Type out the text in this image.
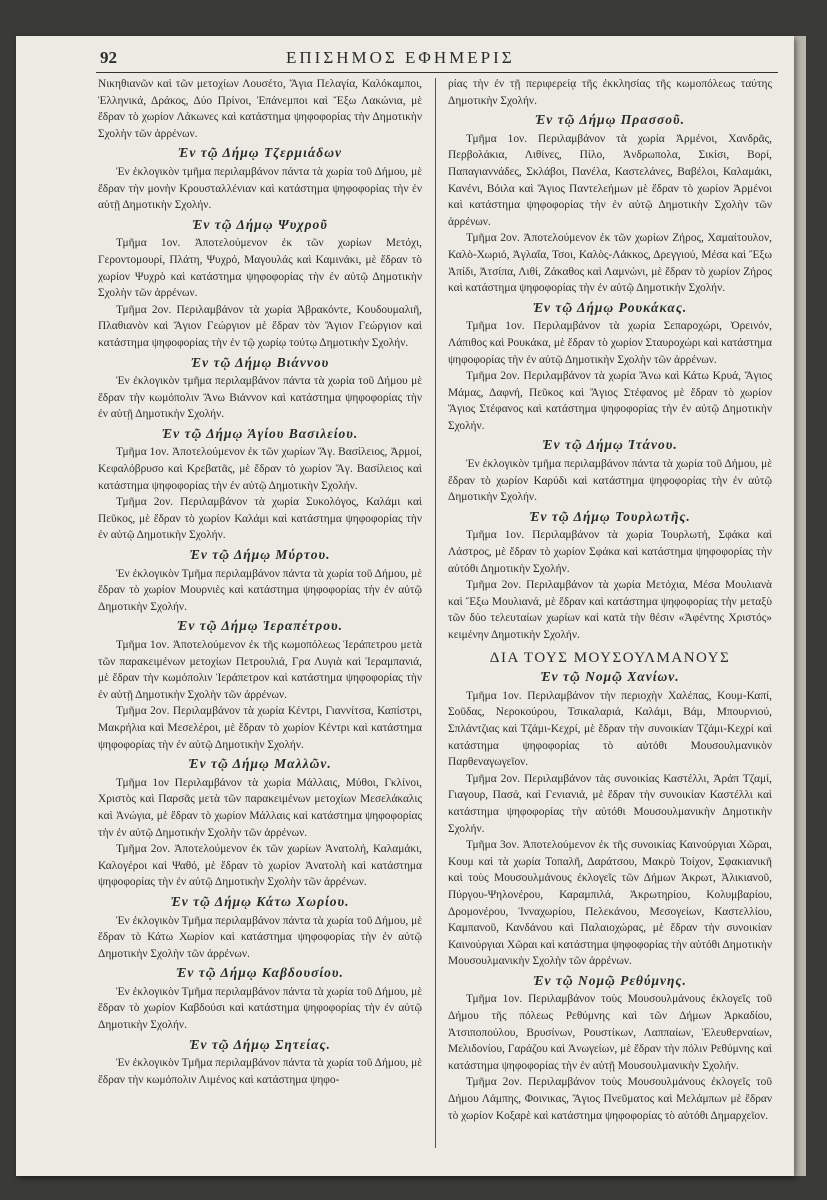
92	ΕΠΙΣΗΜΟΣ ΕΦΗΜΕΡΙΣ

Νικηθιανῶν καὶ τῶν μετοχίων Λουσέτο, Ἅγια Πελαγία, Καλόκαμποι, Ἑλληνικά, Δράκος, Δύο Πρίνοι, Ἐπάνεμποι καὶ Ἔξω Λακώνια, μὲ ἕδραν τὸ χωρίον Λάκωνες καὶ κατάστημα ψηφοφορίας τὴν Δημοτικὴν Σχολὴν τῶν ἀρρένων.

Ἐν τῷ Δήμῳ Τζερμιάδων

Ἐν ἐκλογικὸν τμῆμα περιλαμβάνον πάντα τὰ χωρία τοῦ Δήμου, μὲ ἕδραν τὴν μονὴν Κρουσταλλένιαν καὶ κατάστημα ψηφοφορίας τὴν ἐν αὐτῇ Δημοτικὴν Σχολήν.

Ἐν τῷ Δήμῳ Ψυχροῦ

Τμῆμα 1ον. Ἀποτελούμενον ἐκ τῶν χωρίων Μετόχι, Γεροντομουρί, Πλάτη, Ψυχρό, Μαγουλάς καὶ Καμινάκι, μὲ ἕδραν τὸ χωρίον Ψυχρὸ καὶ κατάστημα ψηφοφορίας τὴν ἐν αὐτῷ Δημοτικὴν Σχολὴν τῶν ἀρρένων.

Τμῆμα 2ον. Περιλαμβάνον τὰ χωρία Ἀβρακόντε, Κουδουμαλιῆ, Πλαθιανὸν καὶ Ἅγιον Γεώργιον μὲ ἕδραν τὸν Ἅγιον Γεώργιον καὶ κατάστημα ψηφοφορίας τὴν ἐν τῷ χωρίῳ τούτῳ Δημοτικὴν Σχολήν.

Ἐν τῷ Δήμῳ Βιάννου

Ἐν ἐκλογικὸν τμῆμα περιλαμβάνον πάντα τὰ χωρία τοῦ Δήμου μὲ ἕδραν τὴν κωμόπολιν Ἄνω Βιάννον καὶ κατάστημα ψηφοφορίας τὴν ἐν αὐτῇ Δημοτικὴν Σχολήν.

Ἐν τῷ Δήμῳ Ἁγίου Βασιλείου.

Τμῆμα 1ον. Ἀποτελούμενον ἐκ τῶν χωρίων Ἅγ. Βασίλειος, Ἀρμοί, Κεφαλόβρυσο καὶ Κρεβατᾶς, μὲ ἕδραν τὸ χωρίον Ἅγ. Βασίλειος καὶ κατάστημα ψηφοφορίας τὴν ἐν αὐτῷ Δημοτικὴν Σχολήν.

Τμῆμα 2ον. Περιλαμβάνον τὰ χωρία Συκολόγος, Καλάμι καὶ Πεῦκος, μὲ ἕδραν τὸ χωρίον Καλάμι καὶ κατάστημα ψηφοφορίας τὴν ἐν αὐτῷ Δημοτικὴν Σχολήν.

Ἐν τῷ Δήμῳ Μύρτου.

Ἐν ἐκλογικὸν Τμῆμα περιλαμβάνον πάντα τὰ χωρία τοῦ Δήμου, μὲ ἕδραν τὸ χωρίον Μουρνιὲς καὶ κατάστημα ψηφοφορίας τὴν ἐν αὐτῷ Δημοτικὴν Σχολήν.

Ἐν τῷ Δήμῳ Ἱεραπέτρου.

Τμῆμα 1ον. Ἀποτελούμενον ἐκ τῆς κωμοπόλεως Ἱεράπετρου μετὰ τῶν παρακειμένων μετοχίων Πετρουλιά, Γρα Λυγιὰ καὶ Ἱεραμπανιά, μὲ ἕδραν τὴν κωμόπολιν Ἱεράπετρον καὶ κατάστημα ψηφοφορίας τὴν ἐν αὐτῇ Δημοτικὴν Σχολὴν τῶν ἀρρένων.

Τμῆμα 2ον. Περιλαμβάνον τὰ χωρία Κέντρι, Γιαννίτσα, Καπίστρι, Μακρήλια καὶ Μεσελέροι, μὲ ἕδραν τὸ χωρίον Κέντρι καὶ κατάστημα ψηφοφορίας τὴν ἐν αὐτῷ Δημοτικὴν Σχολήν.

Ἐν τῷ Δήμῳ Μαλλῶν.

Τμῆμα 1ον Περιλαμβάνον τὰ χωρία Μάλλαις, Μύθοι, Γκλίνοι, Χριστὸς καὶ Παρσᾶς μετὰ τῶν παρακειμένων μετοχίων Μεσελάκαλις καὶ Ἀνώγια, μὲ ἕδραν τὸ χωρίον Μάλλαις καὶ κατάστημα ψηφοφορίας τὴν ἐν αὐτῷ Δημοτικὴν Σχολὴν τῶν ἀρρένων.

Τμῆμα 2ον. Ἀποτελούμενον ἐκ τῶν χωρίων Ἀνατολή, Καλαμάκι, Καλογέροι καὶ Ψαθό, μὲ ἕδραν τὸ χωρίον Ἀνατολὴ καὶ κατάστημα ψηφοφορίας τὴν ἐν αὐτῷ Δημοτικὴν Σχολὴν τῶν ἀρρένων.

Ἐν τῷ Δήμῳ Κάτω Χωρίου.

Ἐν ἐκλογικὸν Τμῆμα περιλαμβάνον πάντα τὰ χωρία τοῦ Δήμου, μὲ ἕδραν τὸ Κάτω Χωρίον καὶ κατάστημα ψηφοφορίας τὴν ἐν αὐτῷ Δημοτικὴν Σχολὴν τῶν ἀρρένων.

Ἐν τῷ Δήμῳ Καβδουσίου.

Ἐν ἐκλογικὸν Τμῆμα περιλαμβάνον πάντα τὰ χωρία τοῦ Δήμου, μὲ ἕδραν τὸ χωρίον Καβδούσι καὶ κατάστημα ψηφοφορίας τὴν ἐν αὐτῷ Δημοτικὴν Σχολήν.

Ἐν τῷ Δήμῳ Σητείας.

Ἐν ἐκλογικὸν Τμῆμα περιλαμβάνον πάντα τὰ χωρία τοῦ Δήμου, μὲ ἕδραν τὴν κωμόπολιν Λιμένος καὶ κατάστημα ψηφο-

ρίας τὴν ἐν τῇ περιφερείᾳ τῆς ἐκκλησίας τῆς κωμοπόλεως ταύτης Δημοτικὴν Σχολήν.

Ἐν τῷ Δήμῳ Πρασσοῦ.

Τμῆμα 1ον. Περιλαμβάνον τὰ χωρία Ἀρμένοι, Χανδρᾶς, Περβολάκια, Λιθίνες, Πίλο, Ἀνδρωπολα, Σικίσι, Βορί, Παπαγιαννάδες, Σκλάβοι, Πανέλα, Καστελάνες, Βαβέλοι, Καλαμάκι, Κανένι, Βόιλα καὶ Ἅγιος Παντελεήμων μὲ ἕδραν τὸ χωρίον Ἀρμένοι καὶ κατάστημα ψηφοφορίας τὴν ἐν αὐτῷ Δημοτικὴν Σχολὴν τῶν ἀρρένων.

Τμῆμα 2ον. Ἀποτελούμενον ἐκ τῶν χωρίων Ζήρος, Χαμαίτουλον, Καλὸ-Χωριό, Ἀγλαΐα, Τσοι, Καλὸς-Λάκκος, Δρεγγιού, Μέσα καὶ Ἔξω Ἀπίδι, Ἀτσίπα, Λιθί, Ζάκαθος καὶ Λαμνώνι, μὲ ἕδραν τὸ χωρίον Ζήρος καὶ κατάστημα ψηφοφορίας τὴν ἐν αὐτῷ Δημοτικὴν Σχολήν.

Ἐν τῷ Δήμῳ Ρουκάκας.

Τμῆμα 1ον. Περιλαμβάνον τὰ χωρία Σεπαροχώρι, Ὀρεινόν, Λάπιθος καὶ Ρουκάκα, μὲ ἕδραν τὸ χωρίον Σταυροχώρι καὶ κατάστημα ψηφοφορίας τὴν ἐν αὐτῷ Δημοτικὴν Σχολὴν τῶν ἀρρένων.

Τμῆμα 2ον. Περιλαμβάνον τὰ χωρία Ἄνω καὶ Κάτω Κρυά, Ἅγιος Μάμας, Δαφνή, Πεῦκος καὶ Ἅγιος Στέφανος μὲ ἕδραν τὸ χωρίον Ἅγιος Στέφανος καὶ κατάστημα ψηφοφορίας τὴν ἐν αὐτῷ Δημοτικὴν Σχολήν.

Ἐν τῷ Δήμῳ Ἰτάνου.

Ἐν ἐκλογικὸν τμῆμα περιλαμβάνον πάντα τὰ χωρία τοῦ Δήμου, μὲ ἕδραν τὸ χωρίον Καρύδι καὶ κατάστημα ψηφοφορίας τὴν ἐν αὐτῷ Δημοτικὴν Σχολήν.

Ἐν τῷ Δήμῳ Τουρλωτῆς.

Τμῆμα 1ον. Περιλαμβάνον τὰ χωρία Τουρλωτή, Σφάκα καὶ Λάστρος, μὲ ἕδραν τὸ χωρίον Σφάκα καὶ κατάστημα ψηφοφορίας τὴν αὐτόθι Δημοτικὴν Σχολήν.

Τμῆμα 2ον. Περιλαμβάνον τὰ χωρία Μετόχια, Μέσα Μουλιανὰ καὶ Ἔξω Μουλιανά, μὲ ἕδραν καὶ κατάστημα ψηφοφορίας τὴν μεταξὺ τῶν δύο τελευταίων χωρίων καὶ κατὰ τὴν θέσιν «Ἀφέντης Χριστός» κειμένην Δημοτικὴν Σχολήν.

ΔΙΑ ΤΟΥΣ ΜΟΥΣΟΥΛΜΑΝΟΥΣ
Ἐν τῷ Νομῷ Χανίων.

Τμῆμα 1ον. Περιλαμβάνον τὴν περιοχὴν Χαλέπας, Κουμ-Καπί, Σοῦδας, Νεροκούρου, Τσικαλαριά, Καλάμι, Βάμ, Μπουρνιού, Σπλάντζιας καὶ Τζάμι-Κεχρί, μὲ ἕδραν τὴν συνοικίαν Τζάμι-Κεχρί καὶ κατάστημα ψηφοφορίας τὸ αὐτόθι Μουσουλμανικὸν Παρθεναγωγεῖον.

Τμῆμα 2ον. Περιλαμβάνον τὰς συνοικίας Καστέλλι, Ἀράπ Τζαμί, Γιαγουρ, Πασά, καὶ Γενιανιά, μὲ ἕδραν τὴν συνοικίαν Καστέλλι καὶ κατάστημα ψηφοφορίας τὴν αὐτόθι Μουσουλμανικὴν Δημοτικὴν Σχολήν.

Τμῆμα 3ον. Ἀποτελούμενον ἐκ τῆς συνοικίας Καινούργιαι Χῶραι, Κουμ καὶ τὰ χωρία Τοπαλῆ, Δαράτσου, Μακρὺ Τοίχον, Σφακιανικῆ καὶ τοὺς Μουσουλμάνους ἐκλογεῖς τῶν Δήμων Ἀκρωτ, Ἀλικιανοῦ, Πύργου-Ψηλονέρου, Καραμπιλά, Ἀκρωτηρίου, Κολυμβαρίου, Δρομονέρου, Ἰνναχωρίου, Πελεκάνου, Μεσογείων, Καστελλίου, Καμπανοῦ, Κανδάνου καὶ Παλαιοχώρας, μὲ ἕδραν τὴν συνοικίαν Καινούργιαι Χῶραι καὶ κατάστημα ψηφοφορίας τὴν αὐτόθι Δημοτικὴν Μουσουλμανικὴν Σχολὴν τῶν ἀρρένων.

Ἐν τῷ Νομῷ Ρεθύμνης.

Τμῆμα 1ον. Περιλαμβάνον τοὺς Μουσουλμάνους ἐκλογεῖς τοῦ Δήμου τῆς πόλεως Ρεθύμνης καὶ τῶν Δήμων Ἀρκαδίου, Ἀτσιποπούλου, Βρυσίνων, Ρουστίκων, Λαππαίων, Ἐλευθερναίων, Μελιδονίου, Γαράζου καὶ Ἀνωγείων, μὲ ἕδραν τὴν πόλιν Ρεθύμνης καὶ κατάστημα ψηφοφορίας τὴν ἐν αὐτῇ Μουσουλμανικὴν Σχολήν.

Τμῆμα 2ον. Περιλαμβάνον τοὺς Μουσουλμάνους ἐκλογεῖς τοῦ Δήμου Λάμπης, Φοινικας, Ἅγιος Πνεῦματος καὶ Μελάμπων μὲ ἕδραν τὸ χωρίον Κοξαρὲ καὶ κατάστημα ψηφοφορίας τὸ αὐτόθι Δημαρχεῖον.
